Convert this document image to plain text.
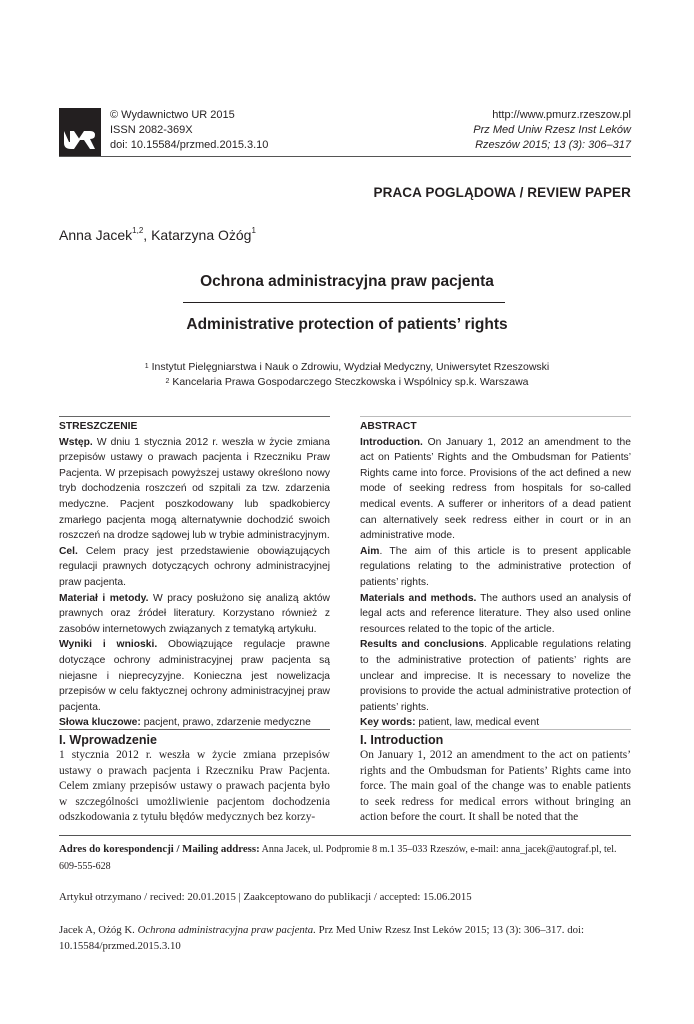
© Wydawnictwo UR 2015
ISSN 2082-369X
doi: 10.15584/przmed.2015.3.10
http://www.pmurz.rzeszow.pl
Prz Med Uniw Rzesz Inst Leków
Rzeszów 2015; 13 (3): 306–317
PRACA POGLĄDOWA / REVIEW PAPER
Anna Jacek$^{1,2}$, Katarzyna Ożóg$^1$
Ochrona administracyjna praw pacjenta
Administrative protection of patients’ rights
$^1$ Instytut Pielęgniarstwa i Nauk o Zdrowiu, Wydział Medyczny, Uniwersytet Rzeszowski
$^2$ Kancelaria Prawa Gospodarczego Steczkowska i Wspólnicy sp.k. Warszawa
STRESZCZENIE

Wstęp. W dniu 1 stycznia 2012 r. weszła w życie zmiana przepisów ustawy o prawach pacjenta i Rzeczniku Praw Pacjenta. W przepisach powyższej ustawy określono nowy tryb dochodzenia roszczeń od szpitali za tzw. zdarzenia medyczne. Pacjent poszkodowany lub spadkobiercy zmarłego pacjenta mogą alternatywnie dochodzić swoich roszczeń na drodze sądowej lub w trybie administracyjnym.

Cel. Celem pracy jest przedstawienie obowiązujących regulacji prawnych dotyczących ochrony administracyjnej praw pacjenta.

Materiał i metody. W pracy posłużono się analizą aktów prawnych oraz źródeł literatury. Korzystano również z zasobów internetowych związanych z tematyką artykułu.

Wyniki i wnioski. Obowiązujące regulacje prawne dotyczące ochrony administracyjnej praw pacjenta są niejasne i nieprecyzyjne. Konieczna jest nowelizacja przepisów w celu faktycznej ochrony administracyjnej praw pacjenta.

Słowa kluczowe: pacjent, prawo, zdarzenie medyczne

ABSTRACT

Introduction. On January 1, 2012 an amendment to the act on Patients’ Rights and the Ombudsman for Patients’ Rights came into force. Provisions of the act defined a new mode of seeking redress from hospitals for so-called medical events. A sufferer or inheritors of a dead patient can alternatively seek redress either in court or in an administrative mode.

Aim. The aim of this article is to present applicable regulations relating to the administrative protection of patients’ rights.

Materials and methods. The authors used an analysis of legal acts and reference literature. They also used online resources related to the topic of the article.

Results and conclusions. Applicable regulations relating to the administrative protection of patients’ rights are unclear and imprecise. It is necessary to novelize the provisions to provide the actual administrative protection of patients’ rights.

Key words: patient, law, medical event

I. Wprowadzenie

1 stycznia 2012 r. weszła w życie zmiana przepisów ustawy o prawach pacjenta i Rzeczniku Praw Pacjenta. Celem zmiany przepisów ustawy o prawach pacjenta było w szczególności umożliwienie pacjentom dochodzenia odszkodowania z tytułu błędów medycznych bez korzy-

I. Introduction

On January 1, 2012 an amendment to the act on patients’ rights and the Ombudsman for Patients’ Rights came into force. The main goal of the change was to enable patients to seek redress for medical errors without bringing an action before the court. It shall be noted that the

Adres do korespondencji / Mailing address: Anna Jacek, ul. Podpromie 8 m.1 35–033 Rzeszów, e-mail: anna_jacek@autograf.pl, tel. 609-555-628
Artykuł otrzymano / recived: 20.01.2015 | Zaakceptowano do publikacji / accepted: 15.06.2015
Jacek A, Ożóg K. Ochrona administracyjna praw pacjenta. Prz Med Uniw Rzesz Inst Leków 2015; 13 (3): 306–317. doi: 10.15584/przmed.2015.3.10
